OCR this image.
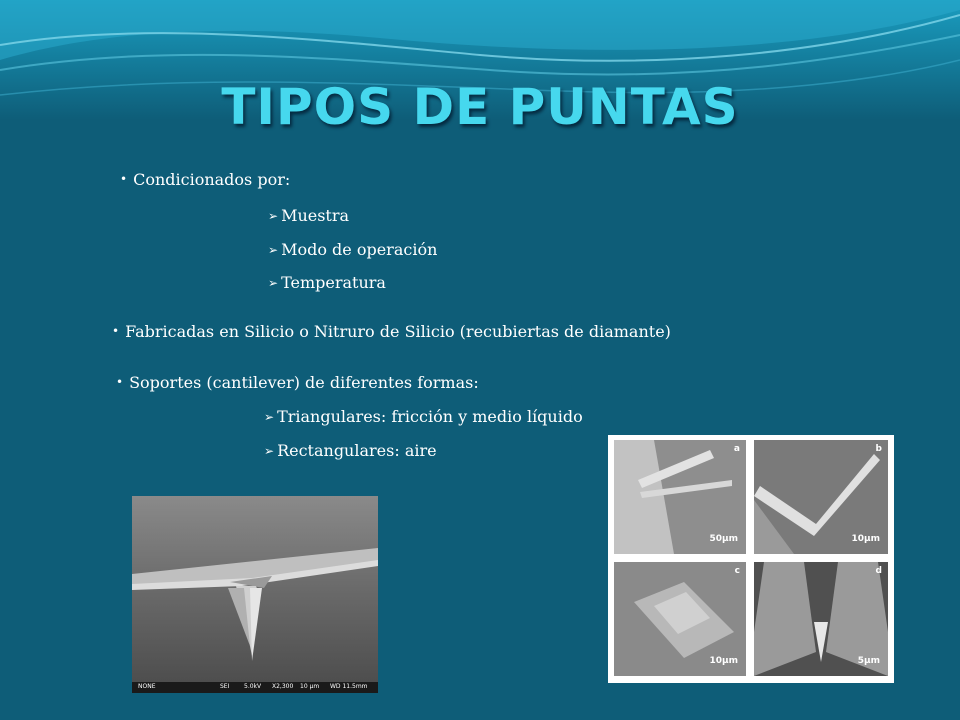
TIPOS DE PUNTAS
• Condicionados por:
➢ Muestra
➢ Modo de operación
➢ Temperatura
• Fabricadas en Silicio o Nitruro de Silicio (recubiertas de diamante)
• Soportes (cantilever) de diferentes formas:
➢ Triangulares: fricción y medio líquido
➢ Rectangulares: aire
NONE	SEI 5.0kV X2,300 10 µm WD 11.5mm
a
50µm
b
10µm
c
10µm
d
5µm
